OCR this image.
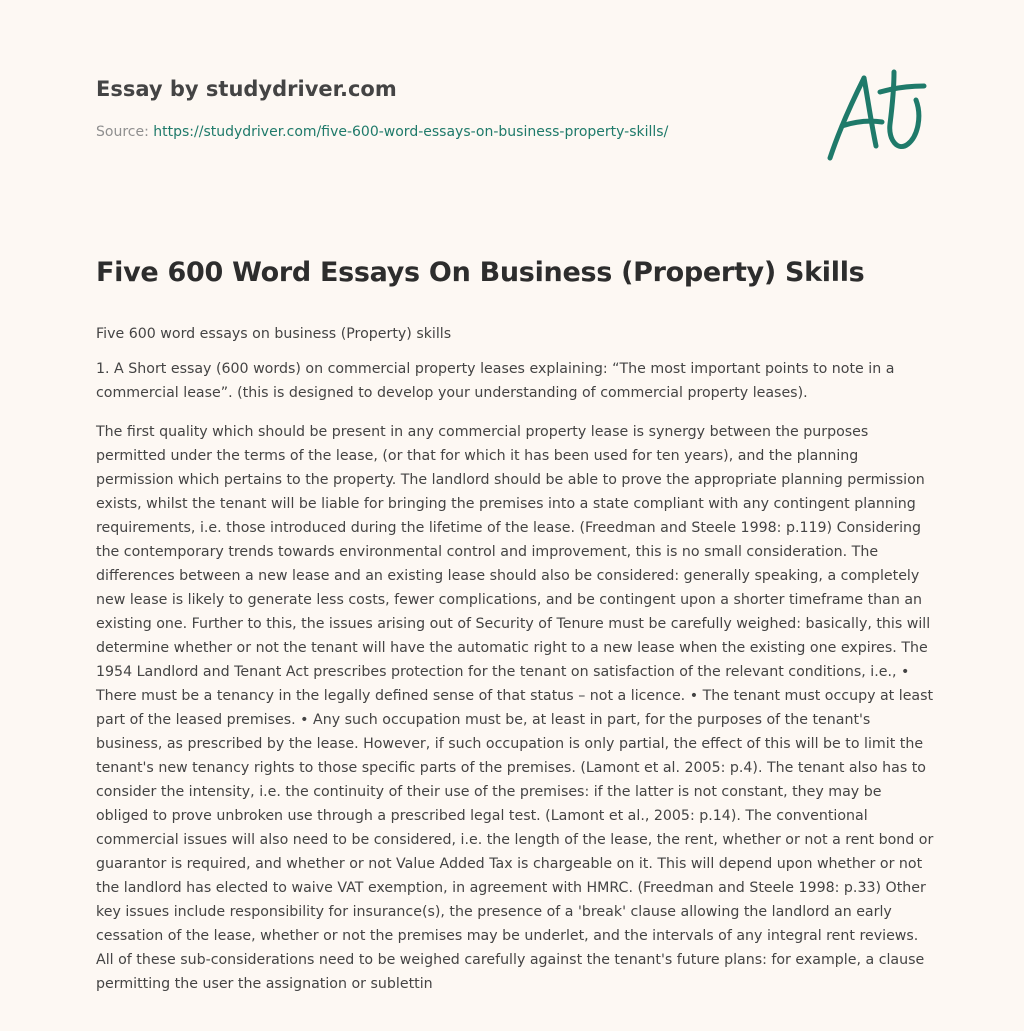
Essay by studydriver.com
Source: https://studydriver.com/five-600-word-essays-on-business-property-skills/
Five 600 Word Essays On Business (Property) Skills

Five 600 word essays on business (Property) skills

1. A Short essay (600 words) on commercial property leases explaining: “The most important points to note in a commercial lease”. (this is designed to develop your understanding of commercial property leases).

The first quality which should be present in any commercial property lease is synergy between the purposes permitted under the terms of the lease, (or that for which it has been used for ten years), and the planning permission which pertains to the property. The landlord should be able to prove the appropriate planning permission exists, whilst the tenant will be liable for bringing the premises into a state compliant with any contingent planning requirements, i.e. those introduced during the lifetime of the lease. (Freedman and Steele 1998: p.119) Considering the contemporary trends towards environmental control and improvement, this is no small consideration. The differences between a new lease and an existing lease should also be considered: generally speaking, a completely new lease is likely to generate less costs, fewer complications, and be contingent upon a shorter timeframe than an existing one. Further to this, the issues arising out of Security of Tenure must be carefully weighed: basically, this will determine whether or not the tenant will have the automatic right to a new lease when the existing one expires. The 1954 Landlord and Tenant Act prescribes protection for the tenant on satisfaction of the relevant conditions, i.e., • There must be a tenancy in the legally defined sense of that status – not a licence. • The tenant must occupy at least part of the leased premises. • Any such occupation must be, at least in part, for the purposes of the tenant's business, as prescribed by the lease. However, if such occupation is only partial, the effect of this will be to limit the tenant's new tenancy rights to those specific parts of the premises. (Lamont et al. 2005: p.4). The tenant also has to consider the intensity, i.e. the continuity of their use of the premises: if the latter is not constant, they may be obliged to prove unbroken use through a prescribed legal test. (Lamont et al., 2005: p.14). The conventional commercial issues will also need to be considered, i.e. the length of the lease, the rent, whether or not a rent bond or guarantor is required, and whether or not Value Added Tax is chargeable on it. This will depend upon whether or not the landlord has elected to waive VAT exemption, in agreement with HMRC. (Freedman and Steele 1998: p.33) Other key issues include responsibility for insurance(s), the presence of a 'break' clause allowing the landlord an early cessation of the lease, whether or not the premises may be underlet, and the intervals of any integral rent reviews. All of these sub-considerations need to be weighed carefully against the tenant's future plans: for example, a clause permitting the user the assignation or sublettin
